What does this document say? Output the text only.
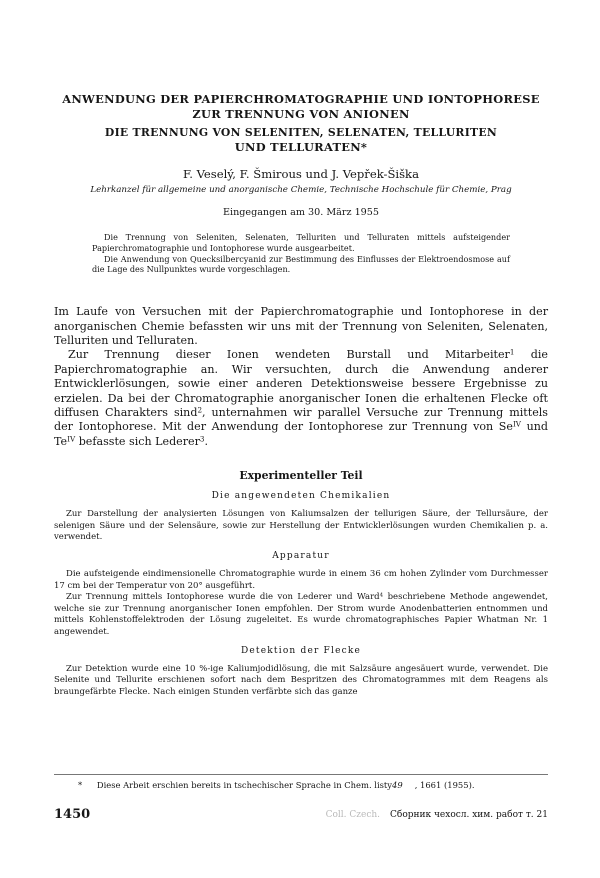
ANWENDUNG DER PAPIERCHROMATOGRAPHIE UND IONTOPHORESE
ZUR TRENNUNG VON ANIONEN
DIE TRENNUNG VON SELENITEN, SELENATEN, TELLURITEN
UND TELLURATEN*
F. Veselý, F. Šmirous und J. Vepřek-Šiška
Lehrkanzel für allgemeine und anorganische Chemie, Technische Hochschule für Chemie, Prag
Eingegangen am 30. März 1955

Die Trennung von Seleniten, Selenaten, Telluriten und Telluraten mittels aufsteigender Papierchromatographie und Iontophorese wurde ausgearbeitet.

Die Anwendung von Quecksilbercyanid zur Bestimmung des Einflusses der Elektroendosmose auf die Lage des Nullpunktes wurde vorgeschlagen.

Im Laufe von Versuchen mit der Papierchromatographie und Iontophorese in der anorganischen Chemie befassten wir uns mit der Trennung von Seleniten, Selenaten, Telluriten und Telluraten.

Zur Trennung dieser Ionen wendeten Burstall und Mitarbeiter$^1$ die Papierchromatographie an. Wir versuchten, durch die Anwendung anderer Entwicklerlösungen, sowie einer anderen Detektionsweise bessere Ergebnisse zu erzielen. Da bei der Chromatographie anorganischer Ionen die erhaltenen Flecke oft diffusen Charakters sind$^2$, unternahmen wir parallel Versuche zur Trennung mittels der Iontophorese. Mit der Anwendung der Iontophorese zur Trennung von $Se^{IV}$ und $Te^{IV}$ befasste sich Lederer$^3$.

Experimenteller Teil
Die angewendeten Chemikalien

Zur Darstellung der analysierten Lösungen von Kaliumsalzen der tellurigen Säure, der Tellursäure, der selenigen Säure und der Selensäure, sowie zur Herstellung der Entwicklerlösungen wurden Chemikalien p. a. verwendet.

Apparatur

Die aufsteigende eindimensionelle Chromatographie wurde in einem 36 cm hohen Zylinder vom Durchmesser 17 cm bei der Temperatur von 20° ausgeführt.

Zur Trennung mittels Iontophorese wurde die von Lederer und Ward$^4$ beschriebene Methode angewendet, welche sie zur Trennung anorganischer Ionen empfohlen. Der Strom wurde Anodenbatterien entnommen und mittels Kohlenstoffelektroden der Lösung zugeleitet. Es wurde chromatographisches Papier Whatman Nr. 1 angewendet.

Detektion der Flecke

Zur Detektion wurde eine 10 %-ige Kaliumjodidlösung, die mit Salzsäure angesäuert wurde, verwendet. Die Selenite und Tellurite erschienen sofort nach dem Bespritzen des Chromatogrammes mit dem Reagens als braungefärbte Flecke. Nach einigen Stunden verfärbte sich das ganze

* Diese Arbeit erschien bereits in tschechischer Sprache in Chem. listy49 , 1661 (1955).
1450	Coll. Czech. Сборник чехосл. хим. работ т. 21
